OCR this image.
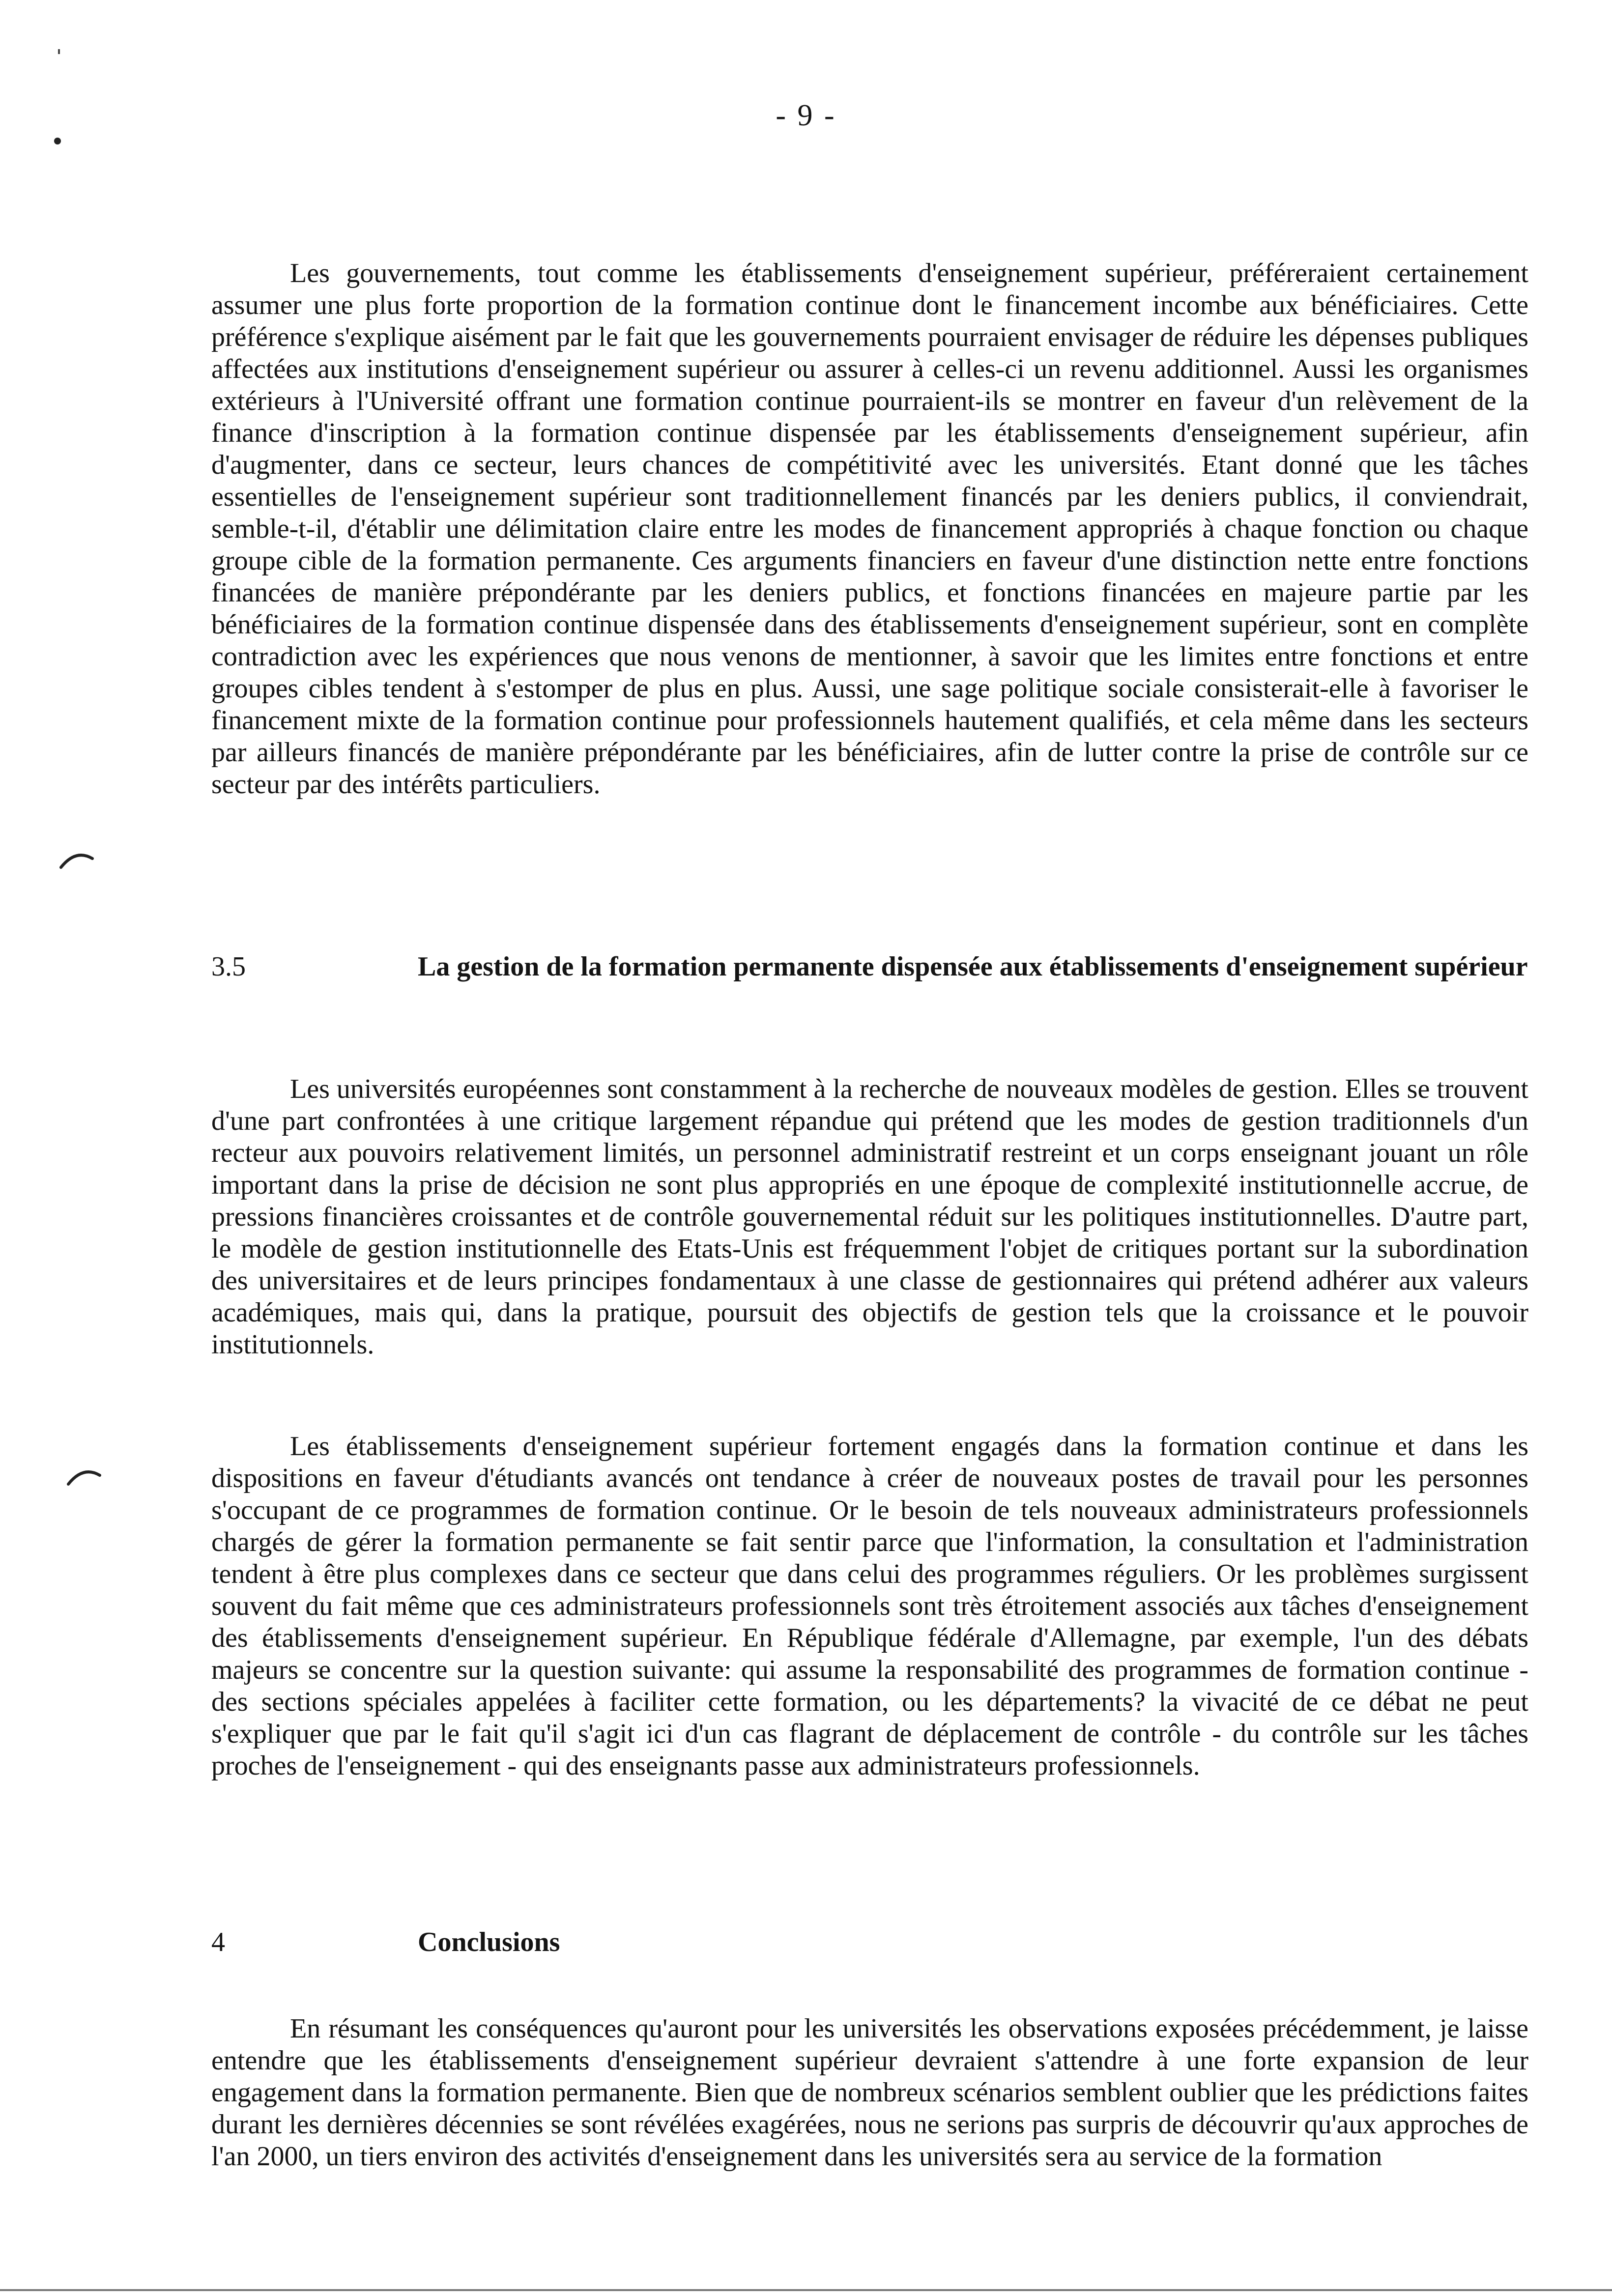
- 9 -

Les gouvernements, tout comme les établissements d'enseignement supérieur, préféreraient certainement assumer une plus forte proportion de la formation continue dont le financement incombe aux bénéficiaires. Cette préférence s'explique aisément par le fait que les gouvernements pourraient envisager de réduire les dépenses publiques affectées aux institutions d'enseignement supérieur ou assurer à celles-ci un revenu additionnel. Aussi les organismes extérieurs à l'Université offrant une formation continue pourraient-ils se montrer en faveur d'un relèvement de la finance d'inscription à la formation continue dispensée par les établissements d'enseignement supérieur, afin d'augmenter, dans ce secteur, leurs chances de compétitivité avec les universités. Etant donné que les tâches essentielles de l'enseignement supérieur sont traditionnellement financés par les deniers publics, il conviendrait, semble-t-il, d'établir une délimitation claire entre les modes de financement appropriés à chaque fonction ou chaque groupe cible de la formation permanente. Ces arguments financiers en faveur d'une distinction nette entre fonctions financées de manière prépondérante par les deniers publics, et fonctions financées en majeure partie par les bénéficiaires de la formation continue dispensée dans des établissements d'enseignement supérieur, sont en complète contradiction avec les expériences que nous venons de mentionner, à savoir que les limites entre fonctions et entre groupes cibles tendent à s'estomper de plus en plus. Aussi, une sage politique sociale consisterait-elle à favoriser le financement mixte de la formation continue pour professionnels hautement qualifiés, et cela même dans les secteurs par ailleurs financés de manière prépondérante par les bénéficiaires, afin de lutter contre la prise de contrôle sur ce secteur par des intérêts particuliers.

3.5	La gestion de la formation permanente dispensée aux établissements d'enseignement supérieur

Les universités européennes sont constamment à la recherche de nouveaux modèles de gestion. Elles se trouvent d'une part confrontées à une critique largement répandue qui prétend que les modes de gestion traditionnels d'un recteur aux pouvoirs relativement limités, un personnel administratif restreint et un corps enseignant jouant un rôle important dans la prise de décision ne sont plus appropriés en une époque de complexité institutionnelle accrue, de pressions financières croissantes et de contrôle gouvernemental réduit sur les politiques institutionnelles. D'autre part, le modèle de gestion institutionnelle des Etats-Unis est fréquemment l'objet de critiques portant sur la subordination des universitaires et de leurs principes fondamentaux à une classe de gestionnaires qui prétend adhérer aux valeurs académiques, mais qui, dans la pratique, poursuit des objectifs de gestion tels que la croissance et le pouvoir institutionnels.

Les établissements d'enseignement supérieur fortement engagés dans la formation continue et dans les dispositions en faveur d'étudiants avancés ont tendance à créer de nouveaux postes de travail pour les personnes s'occupant de ce programmes de formation continue. Or le besoin de tels nouveaux administrateurs professionnels chargés de gérer la formation permanente se fait sentir parce que l'information, la consultation et l'administration tendent à être plus complexes dans ce secteur que dans celui des programmes réguliers. Or les problèmes surgissent souvent du fait même que ces administrateurs professionnels sont très étroitement associés aux tâches d'enseignement des établissements d'enseignement supérieur. En République fédérale d'Allemagne, par exemple, l'un des débats majeurs se concentre sur la question suivante: qui assume la responsabilité des programmes de formation continue - des sections spéciales appelées à faciliter cette formation, ou les départements? la vivacité de ce débat ne peut s'expliquer que par le fait qu'il s'agit ici d'un cas flagrant de déplacement de contrôle - du contrôle sur les tâches proches de l'enseignement - qui des enseignants passe aux administrateurs professionnels.

4	Conclusions

En résumant les conséquences qu'auront pour les universités les observations exposées précédemment, je laisse entendre que les établissements d'enseignement supérieur devraient s'attendre à une forte expansion de leur engagement dans la formation permanente. Bien que de nombreux scénarios semblent oublier que les prédictions faites durant les dernières décennies se sont révélées exagérées, nous ne serions pas surpris de découvrir qu'aux approches de l'an 2000, un tiers environ des activités d'enseignement dans les universités sera au service de la formation
